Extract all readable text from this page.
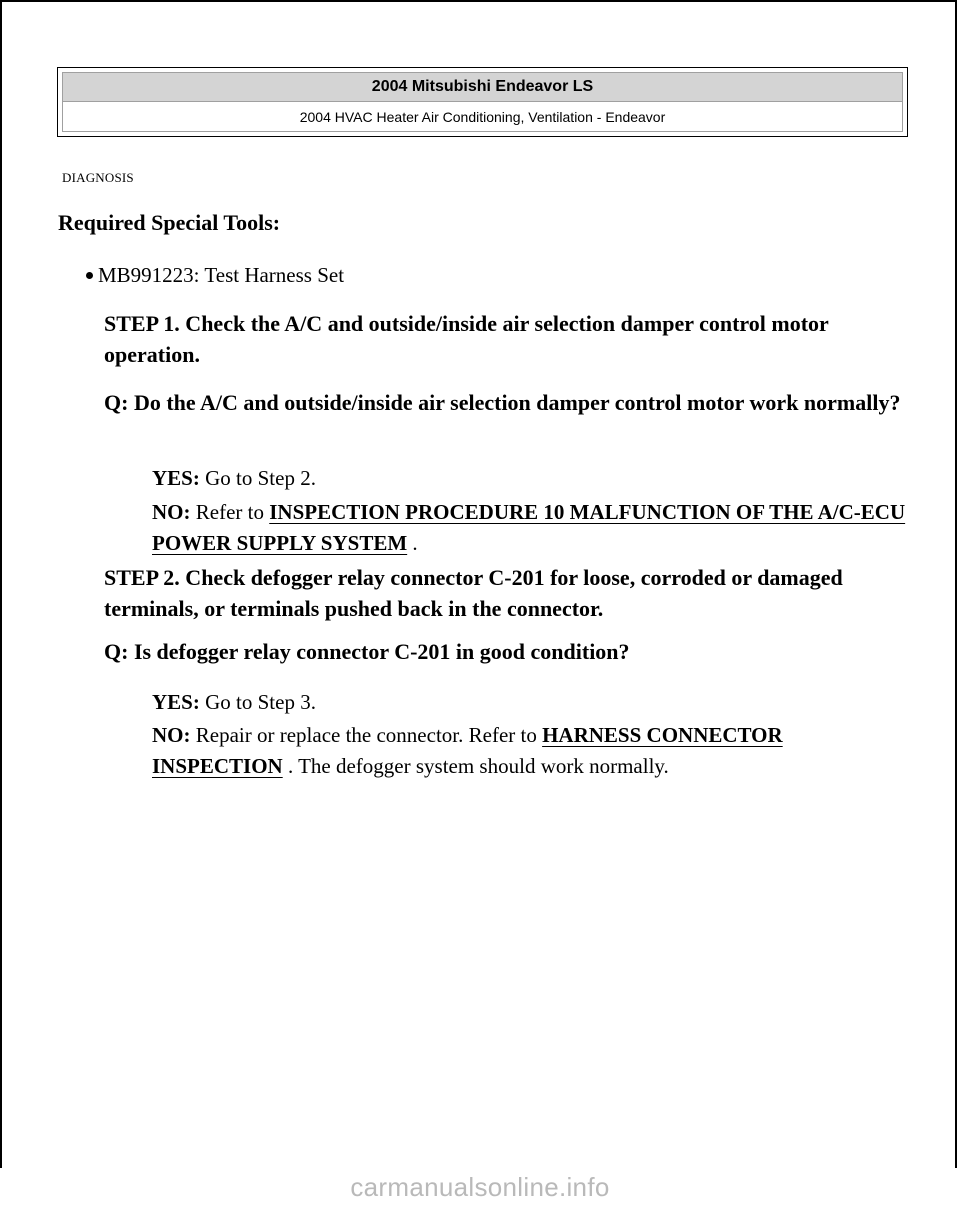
2004 Mitsubishi Endeavor LS
2004 HVAC Heater Air Conditioning, Ventilation - Endeavor
DIAGNOSIS
Required Special Tools:
MB991223: Test Harness Set
STEP 1. Check the A/C and outside/inside air selection damper control motor operation.
Q: Do the A/C and outside/inside air selection damper control motor work normally?
YES: Go to Step 2.
NO: Refer to INSPECTION PROCEDURE 10 MALFUNCTION OF THE A/C-ECU POWER SUPPLY SYSTEM .
STEP 2. Check defogger relay connector C-201 for loose, corroded or damaged terminals, or terminals pushed back in the connector.
Q: Is defogger relay connector C-201 in good condition?
YES: Go to Step 3.
NO: Repair or replace the connector. Refer to HARNESS CONNECTOR INSPECTION . The defogger system should work normally.
carmanualsonline.info
